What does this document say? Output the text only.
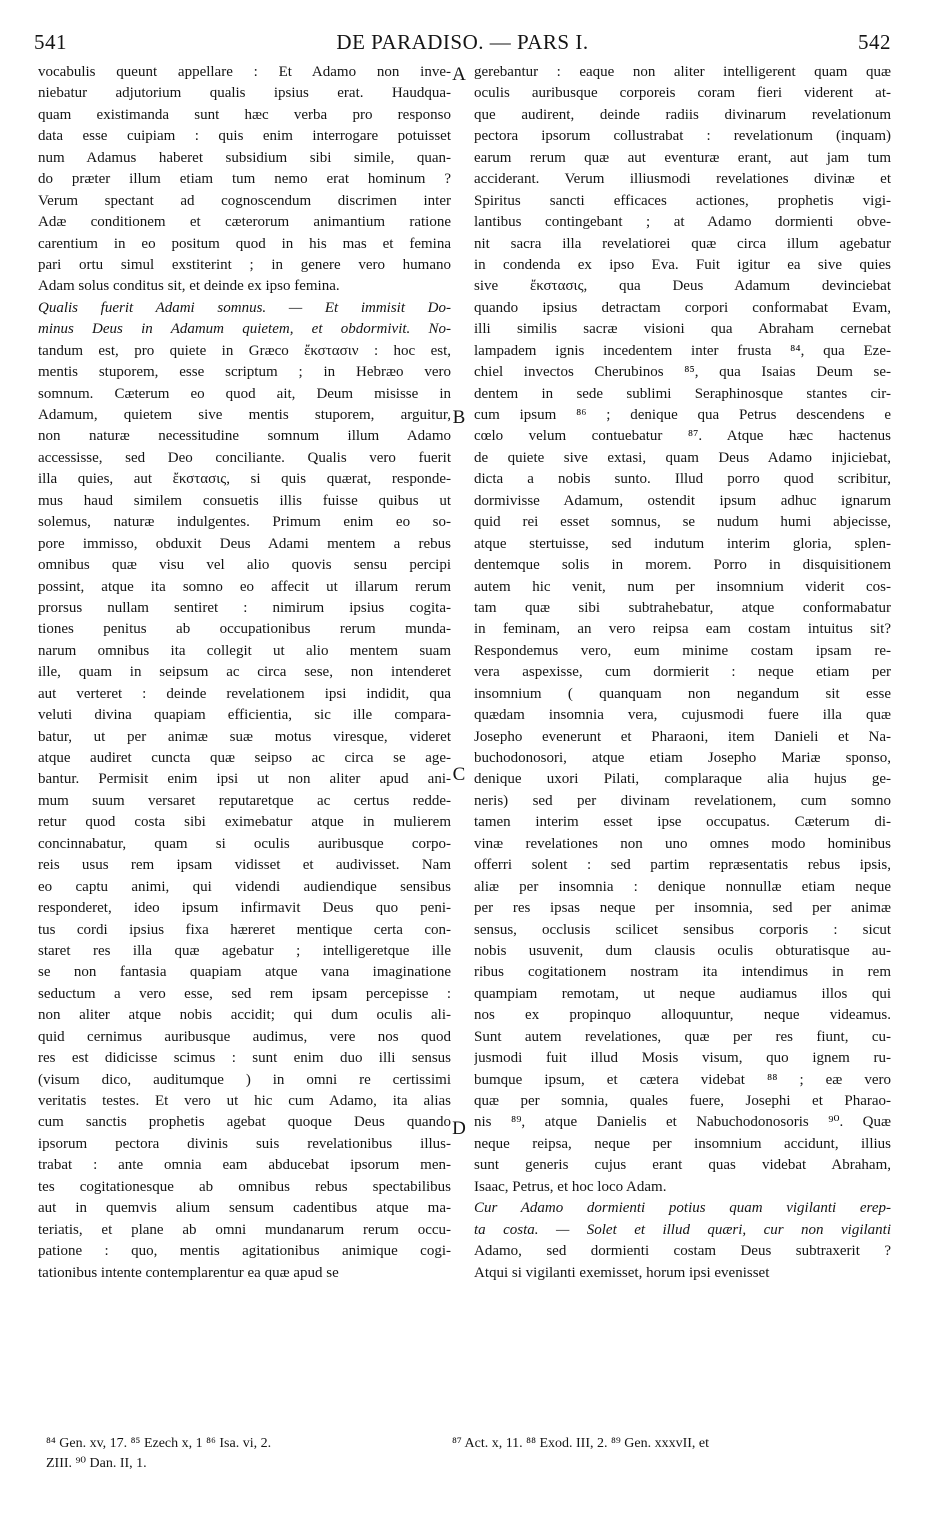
541	DE PARADISO. — PARS I.	542
vocabulis queunt appellare : Et Adamo non inve-
niebatur adjutorium qualis ipsius erat. Haudqua-
quam existimanda sunt hæc verba pro responso
data esse cuipiam : quis enim interrogare potuisset
num Adamus haberet subsidium sibi simile, quan-
do præter illum etiam tum nemo erat hominum ?
Verum spectant ad cognoscendum discrimen inter
Adæ conditionem et cæterorum animantium ratione
carentium in eo positum quod in his mas et femina
pari ortu simul exstiterint ; in genere vero humano
Adam solus conditus sit, et deinde ex ipso femina.
Qualis fuerit Adami somnus. — Et immisit Do-
minus Deus in Adamum quietem, et obdormivit. No-
tandum est, pro quiete in Græco ἔκστασιν : hoc est,
mentis stuporem, esse scriptum ; in Hebræo vero
somnum. Cæterum eo quod ait, Deum misisse in
Adamum, quietem sive mentis stuporem, arguitur,
non naturæ necessitudine somnum illum Adamo
accessisse, sed Deo conciliante. Qualis vero fuerit
illa quies, aut ἔκστασις, si quis quærat, responde-
mus haud similem consuetis illis fuisse quibus ut
solemus, naturæ indulgentes. Primum enim eo so-
pore immisso, obduxit Deus Adami mentem a rebus
omnibus quæ visu vel alio quovis sensu percipi
possint, atque ita somno eo affecit ut illarum rerum
prorsus nullam sentiret : nimirum ipsius cogita-
tiones penitus ab occupationibus rerum munda-
narum omnibus ita collegit ut alio mentem suam
ille, quam in seipsum ac circa sese, non intenderet
aut verteret : deinde revelationem ipsi indidit, qua
veluti divina quapiam efficientia, sic ille compara-
batur, ut per animæ suæ motus viresque, videret
atque audiret cuncta quæ seipso ac circa se age-
bantur. Permisit enim ipsi ut non aliter apud ani-
mum suum versaret reputaretque ac certus redde-
retur quod costa sibi eximebatur atque in mulierem
concinnabatur, quam si oculis auribusque corpo-
reis usus rem ipsam vidisset et audivisset. Nam
eo captu animi, qui videndi audiendique sensibus
responderet, ideo ipsum infirmavit Deus quo peni-
tus cordi ipsius fixa hæreret mentique certa con-
staret res illa quæ agebatur ; intelligeretque ille
se non fantasia quapiam atque vana imaginatione
seductum a vero esse, sed rem ipsam percepisse :
non aliter atque nobis accidit; qui dum oculis ali-
quid cernimus auribusque audimus, vere nos quod
res est didicisse scimus : sunt enim duo illi sensus
(visum dico, auditumque ) in omni re certissimi
veritatis testes. Et vero ut hic cum Adamo, ita alias
cum sanctis prophetis agebat quoque Deus quando
ipsorum pectora divinis suis revelationibus illus-
trabat : ante omnia eam abducebat ipsorum men-
tes cogitationesque ab omnibus rebus spectabilibus
aut in quemvis alium sensum cadentibus atque ma-
teriatis, et plane ab omni mundanarum rerum occu-
patione : quo, mentis agitationibus animique cogi-
tationibus intente contemplarentur ea quæ apud se
gerebantur : eaque non aliter intelligerent quam quæ
oculis auribusque corporeis coram fieri viderent at-
que audirent, deinde radiis divinarum revelationum
pectora ipsorum collustrabat : revelationum (inquam)
earum rerum quæ aut eventuræ erant, aut jam tum
acciderant. Verum illiusmodi revelationes divinæ et
Spiritus sancti efficaces actiones, prophetis vigi-
lantibus contingebant ; at Adamo dormienti obve-
nit sacra illa revelatiorei quæ circa illum agebatur
in condenda ex ipso Eva. Fuit igitur ea sive quies
sive ἔκστασις, qua Deus Adamum devinciebat
quando ipsius detractam corpori conformabat Evam,
illi similis sacræ visioni qua Abraham cernebat
lampadem ignis incedentem inter frusta ⁸⁴, qua Eze-
chiel invectos Cherubinos ⁸⁵, qua Isaias Deum se-
dentem in sede sublimi Seraphinosque stantes cir-
cum ipsum ⁸⁶ ; denique qua Petrus descendens e
cœlo velum contuebatur ⁸⁷. Atque hæc hactenus
de quiete sive extasi, quam Deus Adamo injiciebat,
dicta a nobis sunto. Illud porro quod scribitur,
dormivisse Adamum, ostendit ipsum adhuc ignarum
quid rei esset somnus, se nudum humi abjecisse,
atque stertuisse, sed indutum interim gloria, splen-
dentemque solis in morem. Porro in disquisitionem
autem hic venit, num per insomnium viderit cos-
tam quæ sibi subtrahebatur, atque conformabatur
in feminam, an vero reipsa eam costam intuitus sit?
Respondemus vero, eum minime costam ipsam re-
vera aspexisse, cum dormierit : neque etiam per
insomnium ( quanquam non negandum sit esse
quædam insomnia vera, cujusmodi fuere illa quæ
Josepho evenerunt et Pharaoni, item Danieli et Na-
buchodonosori, atque etiam Josepho Mariæ sponso,
denique uxori Pilati, complaraque alia hujus ge-
neris) sed per divinam revelationem, cum somno
tamen interim esset ipse occupatus. Cæterum di-
vinæ revelationes non uno omnes modo hominibus
offerri solent : sed partim repræsentatis rebus ipsis,
aliæ per insomnia : denique nonnullæ etiam neque
per res ipsas neque per insomnia, sed per animæ
sensus, occlusis scilicet sensibus corporis : sicut
nobis usuvenit, dum clausis oculis obturatisque au-
ribus cogitationem nostram ita intendimus in rem
quampiam remotam, ut neque audiamus illos qui
nos ex propinquo alloquuntur, neque videamus.
Sunt autem revelationes, quæ per res fiunt, cu-
jusmodi fuit illud Mosis visum, quo ignem ru-
bumque ipsum, et cætera videbat ⁸⁸ ; eæ vero
quæ per somnia, quales fuere, Josephi et Pharao-
nis ⁸⁹, atque Danielis et Nabuchodonosoris ⁹⁰. Quæ
neque reipsa, neque per insomnium accidunt, illius
sunt generis cujus erant quas videbat Abraham,
Isaac, Petrus, et hoc loco Adam.
Cur Adamo dormienti potius quam vigilanti erep-
ta costa. — Solet et illud quæri, cur non vigilanti
Adamo, sed dormienti costam Deus subtraxerit ?
Atqui si vigilanti exemisset, horum ipsi evenisset
A
B
C
D
⁸⁴ Gen. xv, 17. ⁸⁵ Ezech x, 1 ⁸⁶ Isa. vi, 2.
ZIII. ⁹⁰ Dan. II, 1.
⁸⁷ Act. x, 11. ⁸⁸ Exod. III, 2. ⁸⁹ Gen. xxxvII, et
